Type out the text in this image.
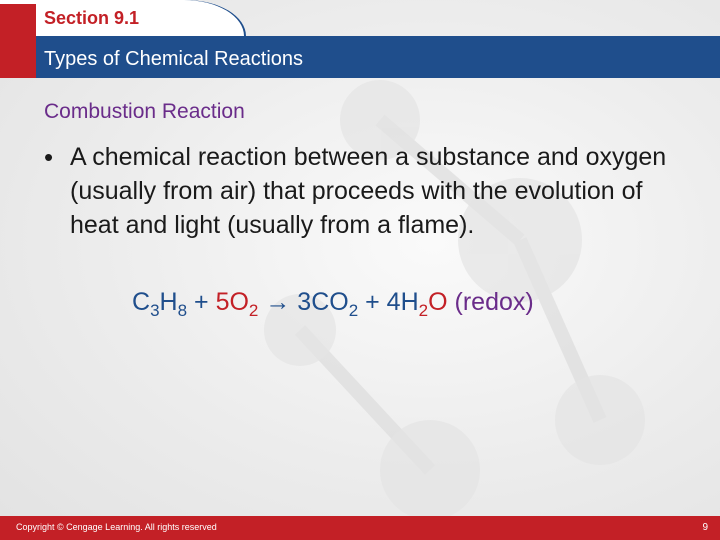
Section 9.1
Types of Chemical Reactions
Combustion Reaction
• A chemical reaction between a substance and oxygen (usually from air) that proceeds with the evolution of heat and light (usually from a flame).
$C_3H_8 + 5O_2 \to 3CO_2 + 4H_2O$ (redox)
Copyright © Cengage Learning. All rights reserved	9
